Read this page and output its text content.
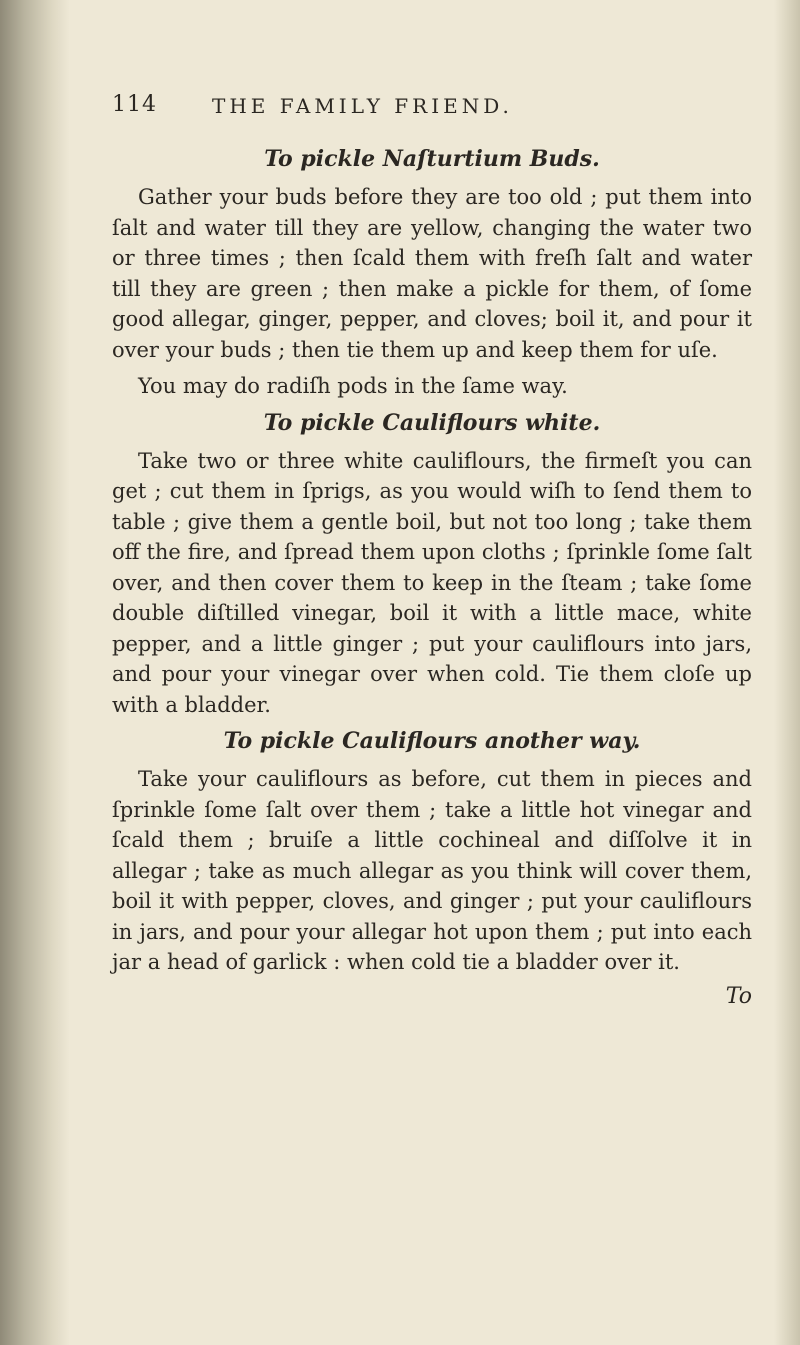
114	THE FAMILY FRIEND.
To pickle Naſturtium Buds.

Gather your buds before they are too old ; put them into ſalt and water till they are yellow, changing the water two or three times ; then ſcald them with freſh ſalt and water till they are green ; then make a pickle for them, of ſome good allegar, ginger, pepper, and cloves; boil it, and pour it over your buds ; then tie them up and keep them for uſe.

You may do radiſh pods in the ſame way.

To pickle Cauliflours white.

Take two or three white cauliflours, the firmeſt you can get ; cut them in ſprigs, as you would wiſh to ſend them to table ; give them a gentle boil, but not too long ; take them off the fire, and ſpread them upon cloths ; ſprinkle ſome ſalt over, and then cover them to keep in the ſteam ; take ſome double diſtilled vinegar, boil it with a little mace, white pepper, and a little ginger ; put your cauliflours into jars, and pour your vinegar over when cold. Tie them cloſe up with a bladder.

To pickle Cauliflours another way.

Take your cauliflours as before, cut them in pieces and ſprinkle ſome ſalt over them ; take a little hot vinegar and ſcald them ; bruiſe a little cochineal and diſſolve it in allegar ; take as much allegar as you think will cover them, boil it with pepper, cloves, and ginger ; put your cauliflours in jars, and pour your allegar hot upon them ; put into each jar a head of garlick : when cold tie a bladder over it.

To
